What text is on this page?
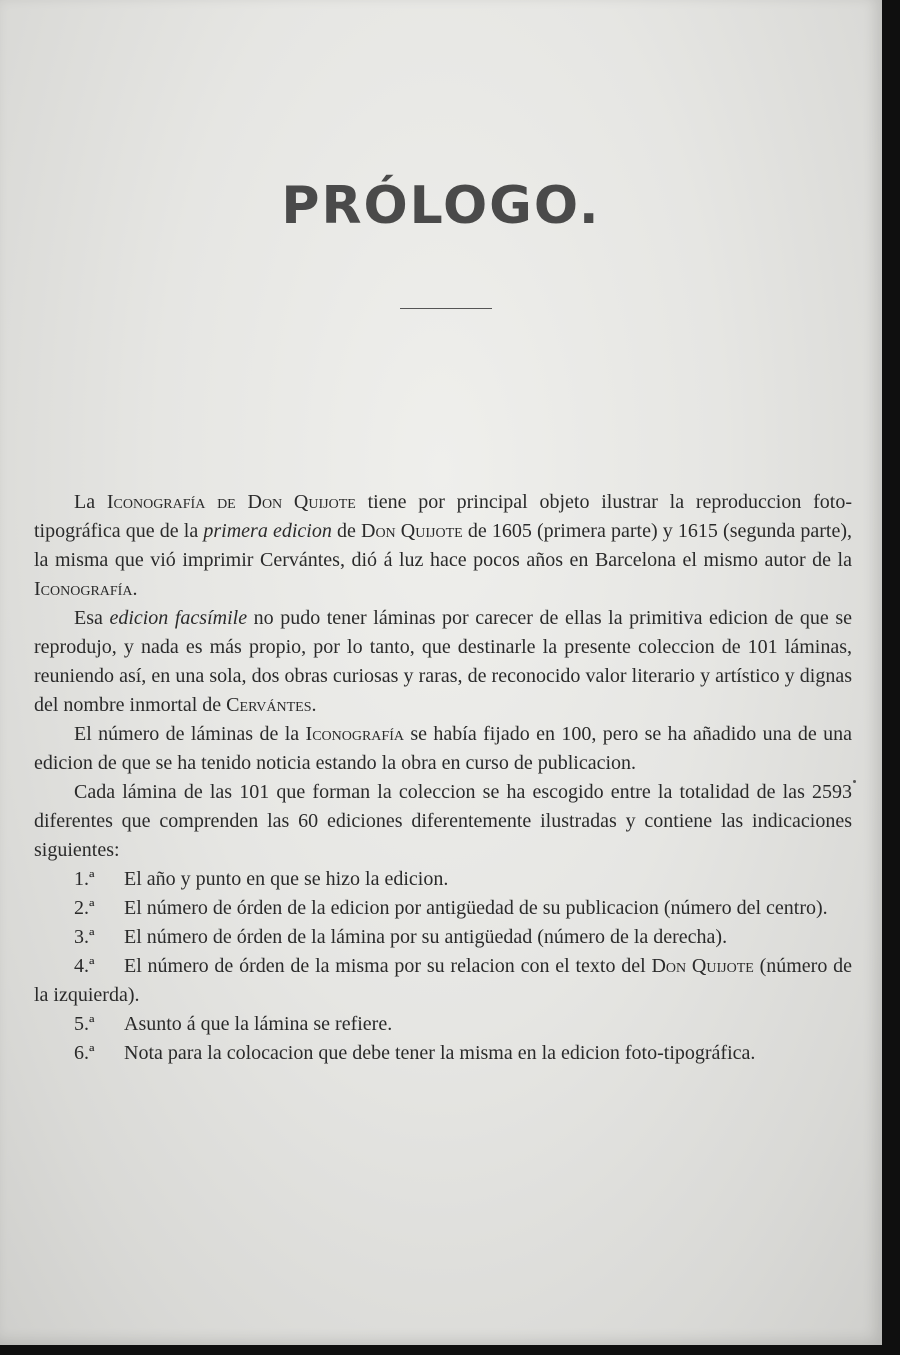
PRÓLOGO.

La Iconografía de Don Quijote tiene por principal objeto ilustrar la reproduccion foto-tipográfica que de la primera edicion de Don Quijote de 1605 (primera parte) y 1615 (segunda parte), la misma que vió imprimir Cervántes, dió á luz hace pocos años en Barcelona el mismo autor de la Iconografía.

Esa edicion facsímile no pudo tener láminas por carecer de ellas la primitiva edicion de que se reprodujo, y nada es más propio, por lo tanto, que destinarle la presente coleccion de 101 láminas, reuniendo así, en una sola, dos obras curiosas y raras, de reconocido valor literario y artístico y dignas del nombre inmortal de Cervántes.

El número de láminas de la Iconografía se había fijado en 100, pero se ha añadido una de una edicion de que se ha tenido noticia estando la obra en curso de publicacion.

Cada lámina de las 101 que forman la coleccion se ha escogido entre la totalidad de las 2593 diferentes que comprenden las 60 ediciones diferentemente ilustradas y contiene las indicaciones siguientes:

1.ª El año y punto en que se hizo la edicion.

2.ª El número de órden de la edicion por antigüedad de su publicacion (número del centro).

3.ª El número de órden de la lámina por su antigüedad (número de la derecha).

4.ª El número de órden de la misma por su relacion con el texto del Don Quijote (número de la izquierda).

5.ª Asunto á que la lámina se refiere.

6.ª Nota para la colocacion que debe tener la misma en la edicion foto-tipográfica.
